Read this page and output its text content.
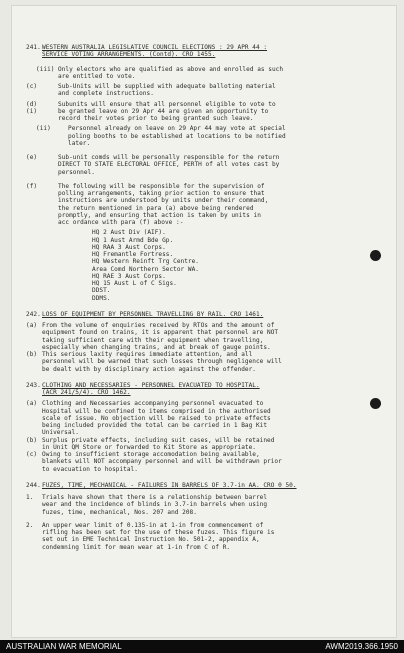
241. WESTERN AUSTRALIA LEGISLATIVE COUNCIL ELECTIONS : 29 APR 44 :
SERVICE VOTING ARRANGEMENTS. (Contd). CRO 1455.
(iii) Only electors who are qualified as above and enrolled as such
are entitled to vote.
(c)	Sub-Units will be supplied with adequate balloting material
and complete instructions.
(d) (i)
Subunits will ensure that all personnel eligible to vote to
be granted leave on 29 Apr 44 are given an opportunity to
record their votes prior to being granted such leave.
(ii)	Personnel already on leave on 29 Apr 44 may vote at special
poling booths to be established at locations to be notified
later.
(e)	Sub-unit comds will be personally responsible for the return
DIRECT TO STATE ELECTORAL OFFICE, PERTH of all votes cast by
personnel.
(f)	The following will be responsible for the supervision of
polling arrangements, taking prior action to ensure that
instructions are understood by units under their command,
the return mentioned in para (a) above being rendered
promptly, and ensuring that action is taken by units in
acc ordance with para (f) above :-
HQ 2 Aust Div (AIF).
HQ 1 Aust Armd Bde Gp.
HQ RAA 3 Aust Corps.
HQ Fremantle Fortress.
HQ Western Reinft Trg Centre.
Area Comd Northern Sector WA.
HQ RAE 3 Aust Corps.
HQ 15 Aust L of C Sigs.
DDST.
DDMS.
242. LOSS OF EQUIPMENT BY PERSONNEL TRAVELLING BY RAIL. CRO 1461.
(a) From the volume of enquiries received by RTOs and the amount of
equipment found on trains, it is apparent that personnel are NOT
taking sufficient care with their equipment when travelling,
especially when changing trains, and at break of gauge points.
(b) This serious laxity requires immediate attention, and all
personnel will be warned that such losses through negligence will
be dealt with by disciplinary action against the offender.
243. CLOTHING AND NECESSARIES - PERSONNEL EVACUATED TO HOSPITAL.
(ACR 241/5/4). CRO 1462.
(a) Clothing and Necessaries accompanying personnel evacuated to
Hospital will be confined to items comprised in the authorised
scale of issue. No objection will be raised to private effects
being included provided the total can be carried in 1 Bag Kit
Universal.
(b) Surplus private effects, including suit cases, will be retained
in Unit QM Store or forwarded to Kit Store as appropriate.
(c) Owing to insufficient storage accomodation being available,
blankets will NOT accompany personnel and will be withdrawn prior
to evacuation to hospital.
244. FUZES, TIME, MECHANICAL - FAILURES IN BARRELS OF 3.7-in AA. CRO 0 50.
1.	Trials have shown that there is a relationship between barrel
wear and the incidence of blinds in 3.7-in barrels when using
fuzes, time, mechanical, Nos. 207 and 208.
2.	An upper wear limit of 0.135-in at 1-in from commencement of
rifling has been set for the use of these fuzes. This figure is
set out in EME Technical Instruction No. 501-2, appendix A,
condemning limit for mean wear at 1-in from C of R.
AUSTRALIAN WAR MEMORIAL	AWM2019.366.1950
